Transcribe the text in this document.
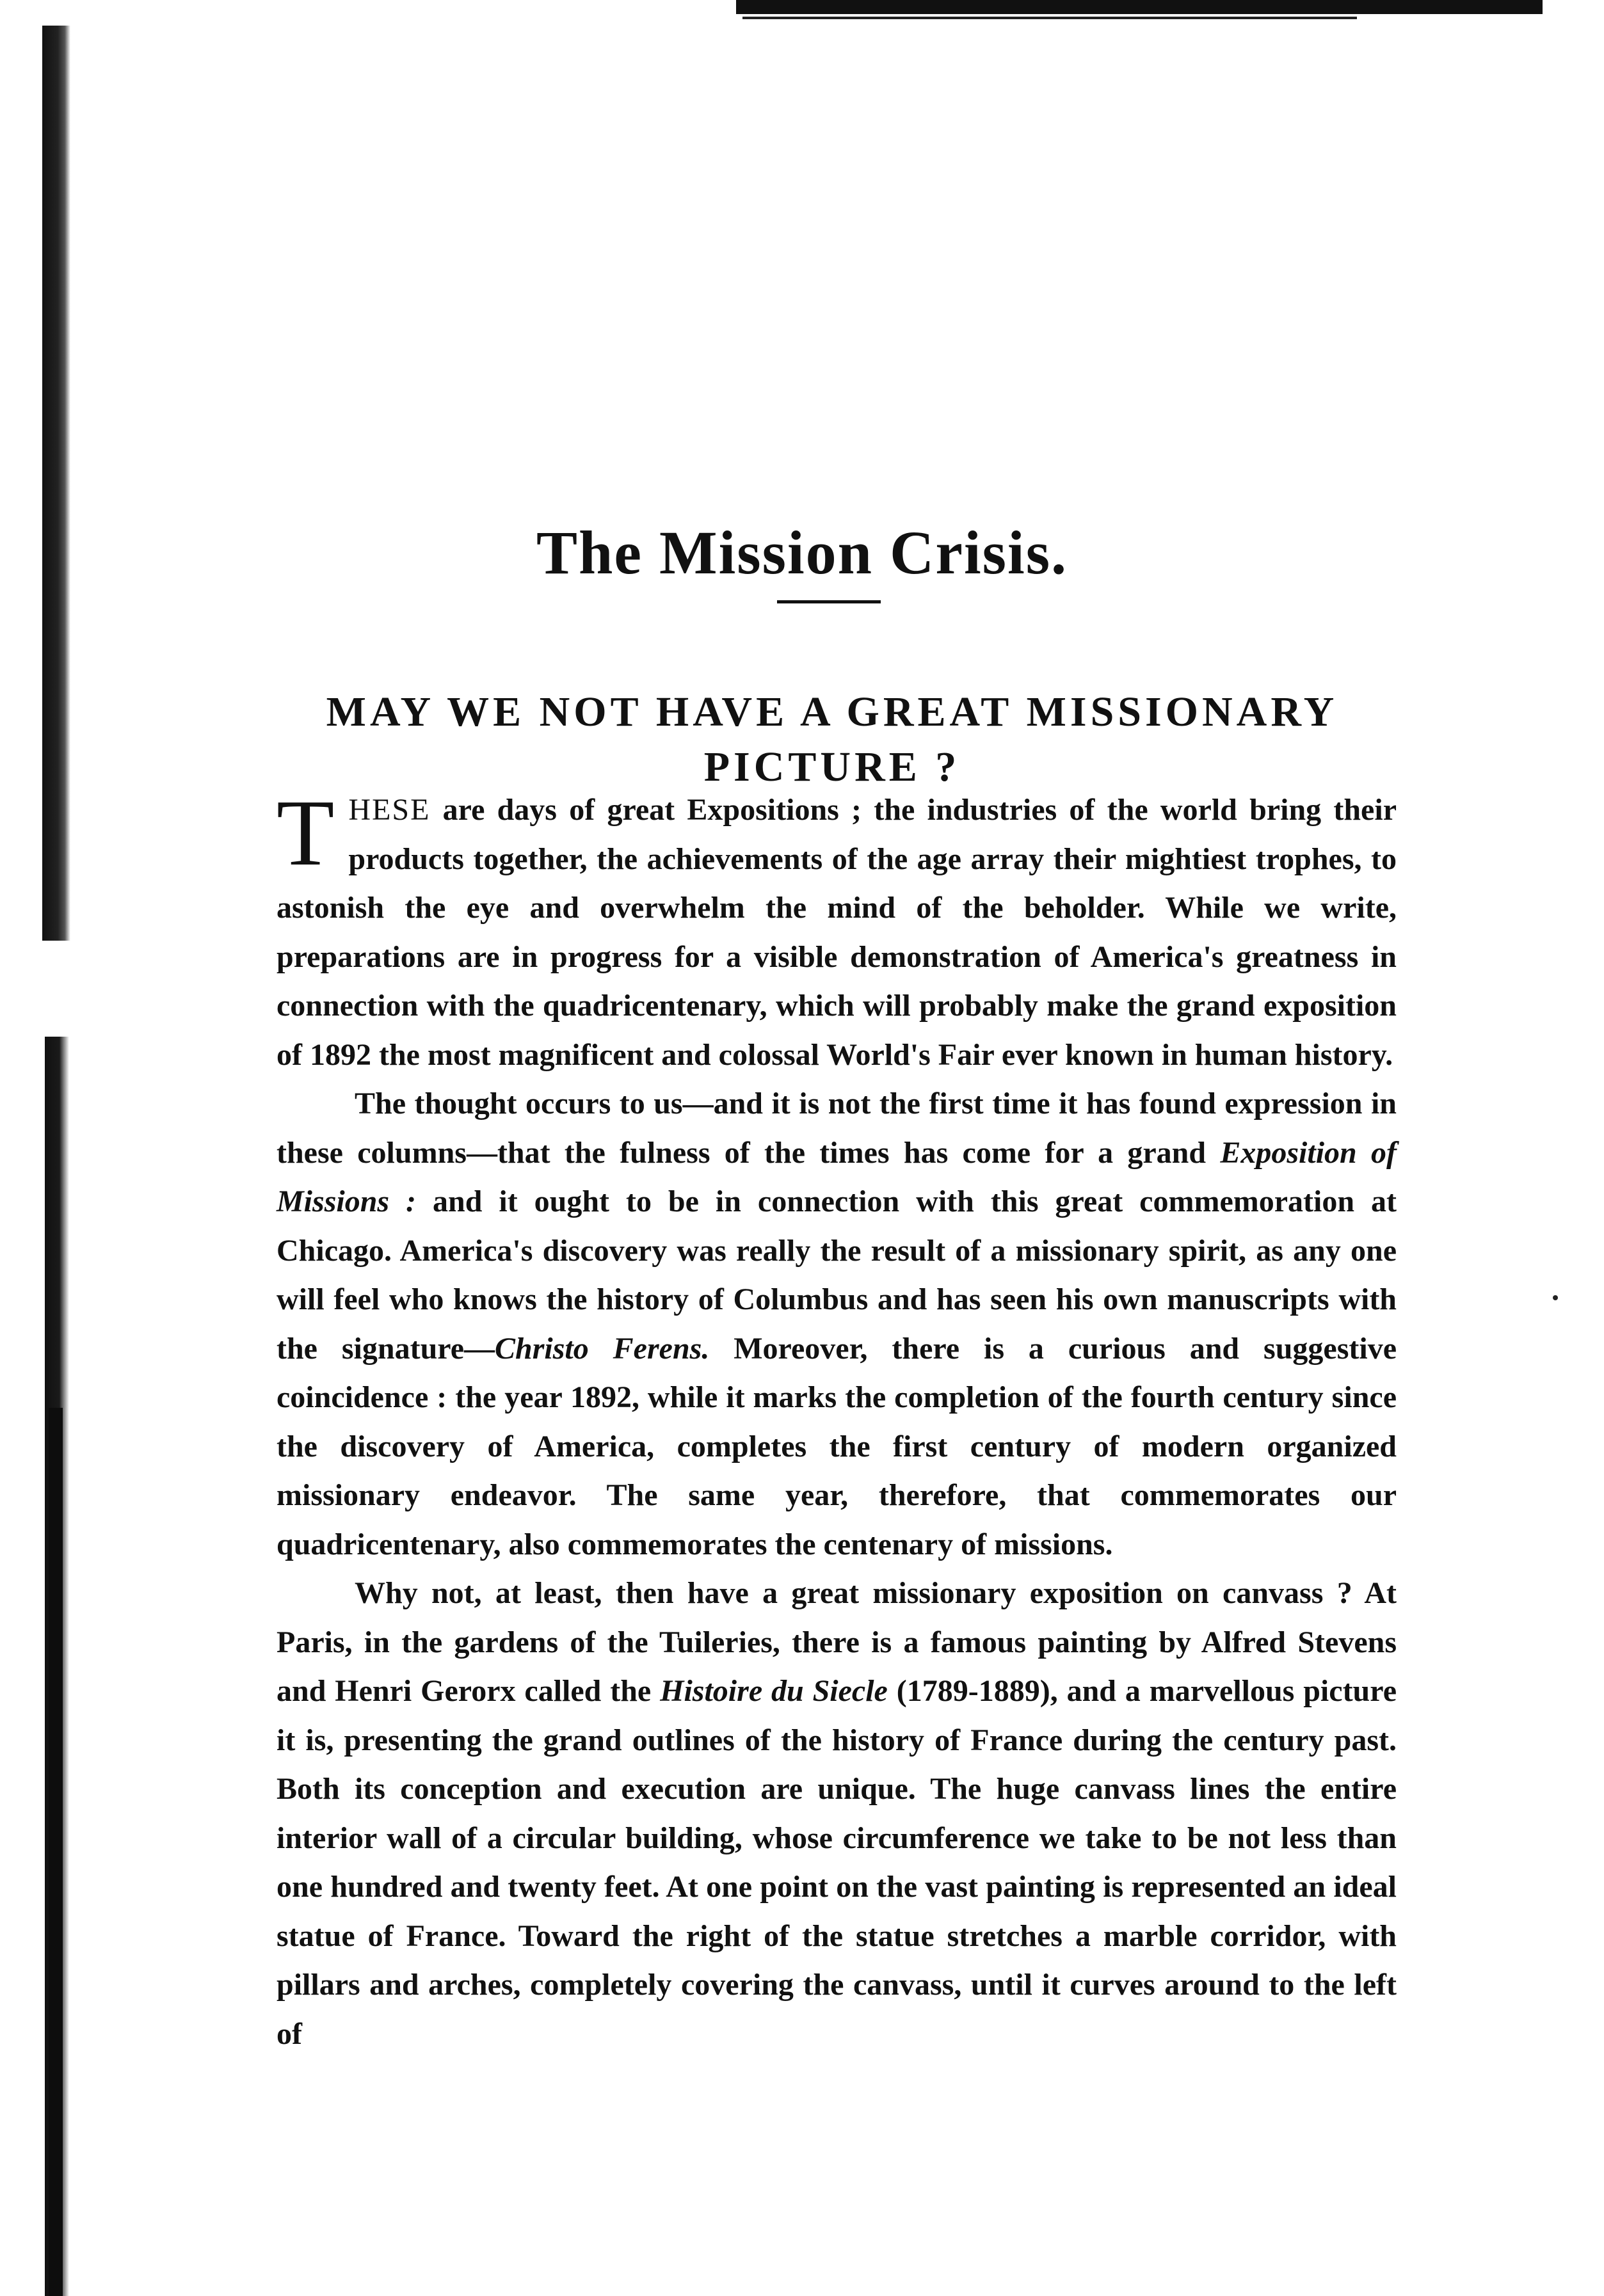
The Mission Crisis.
MAY WE NOT HAVE A GREAT MISSIONARY PICTURE ?

THESE are days of great Expositions ; the industries of the world bring their products together, the achievements of the age array their mightiest trophes, to astonish the eye and overwhelm the mind of the beholder. While we write, preparations are in progress for a visible demonstration of America's greatness in connection with the quadricentenary, which will probably make the grand exposition of 1892 the most magnificent and colossal World's Fair ever known in human history.

The thought occurs to us—and it is not the first time it has found expression in these columns—that the fulness of the times has come for a grand Exposition of Missions : and it ought to be in connection with this great commemoration at Chicago. America's discovery was really the result of a missionary spirit, as any one will feel who knows the history of Columbus and has seen his own manuscripts with the signature—Christo Ferens. Moreover, there is a curious and suggestive coincidence : the year 1892, while it marks the completion of the fourth century since the discovery of America, completes the first century of modern organized missionary endeavor. The same year, therefore, that commemorates our quadricentenary, also commemorates the centenary of missions.

Why not, at least, then have a great missionary exposition on canvass ? At Paris, in the gardens of the Tuileries, there is a famous painting by Alfred Stevens and Henri Gerorx called the Histoire du Siecle (1789-1889), and a marvellous picture it is, presenting the grand outlines of the history of France during the century past. Both its conception and execution are unique. The huge canvass lines the entire interior wall of a circular building, whose circumference we take to be not less than one hundred and twenty feet. At one point on the vast painting is represented an ideal statue of France. Toward the right of the statue stretches a marble corridor, with pillars and arches, completely covering the canvass, until it curves around to the left of
